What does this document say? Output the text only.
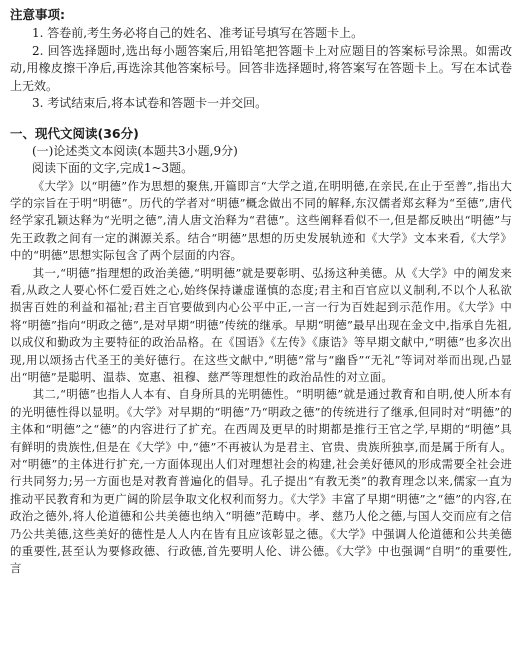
注意事项:

1. 答卷前,考生务必将自己的姓名、准考证号填写在答题卡上。

2. 回答选择题时,选出每小题答案后,用铅笔把答题卡上对应题目的答案标号涂黑。如需改动,用橡皮擦干净后,再选涂其他答案标号。回答非选择题时,将答案写在答题卡上。写在本试卷上无效。

3. 考试结束后,将本试卷和答题卡一并交回。

一、现代文阅读(36分)
(一)论述类文本阅读(本题共3小题,9分)
阅读下面的文字,完成1~3题。

《大学》以“明德”作为思想的聚焦,开篇即言“大学之道,在明明德,在亲民,在止于至善”,指出大学的宗旨在于明“明德”。历代的学者对“明德”概念做出不同的解释,东汉儒者郑玄释为“至德”,唐代经学家孔颖达释为“光明之德”,清人唐文治释为“君德”。这些阐释看似不一,但是都反映出“明德”与先王政教之间有一定的渊源关系。结合“明德”思想的历史发展轨迹和《大学》文本来看,《大学》中的“明德”思想实际包含了两个层面的内容。

其一,“明德”指理想的政治美德,“明明德”就是要彰明、弘扬这种美德。从《大学》中的阐发来看,从政之人要心怀仁爱百姓之心,始终保持谦虚谨慎的态度;君主和百官应以义制利,不以个人私欲损害百姓的利益和福祉;君主百官要做到内心公平中正,一言一行为百姓起到示范作用。《大学》中将“明德”指向“明政之德”,是对早期“明德”传统的继承。早期“明德”最早出现在金文中,指承自先祖,以成仪和勤政为主要特征的政治品格。在《国语》《左传》《康诰》等早期文献中,“明德”也多次出现,用以颂扬古代圣王的美好德行。在这些文献中,“明德”常与“幽昏”“无礼”等词对举而出现,凸显出“明德”是聪明、温恭、宽惠、祖穆、慈严等理想性的政治品性的对立面。

其二,“明德”也指人人本有、自身所具的光明德性。“明明德”就是通过教育和自明,使人所本有的光明德性得以显明。《大学》对早期的“明德”乃“明政之德”的传统进行了继承,但同时对“明德”的主体和“明德”之“德”的内容进行了扩充。在西周及更早的时期都是推行王官之学,早期的“明德”具有鲜明的贵族性,但是在《大学》中,“德”不再被认为是君主、官贵、贵族所独享,而是属于所有人。对“明德”的主体进行扩充,一方面体现出人们对理想社会的构建,社会美好德风的形成需要全社会进行共同努力;另一方面也是对教育普遍化的倡导。孔子提出“有教无类”的教育理念以来,儒家一直为推动平民教育和为更广阔的阶层争取文化权利而努力。《大学》丰富了早期“明德”之“德”的内容,在政治之德外,将人伦道德和公共美德也纳入“明德”范畴中。孝、慈乃人伦之德,与国人交而应有之信乃公共美德,这些美好的德性是人人内在皆有且应该彰显之德。《大学》中强调人伦道德和公共美德的重要性,甚至认为要修政德、行政德,首先要明人伦、讲公德。《大学》中也强调“自明”的重要性,言
